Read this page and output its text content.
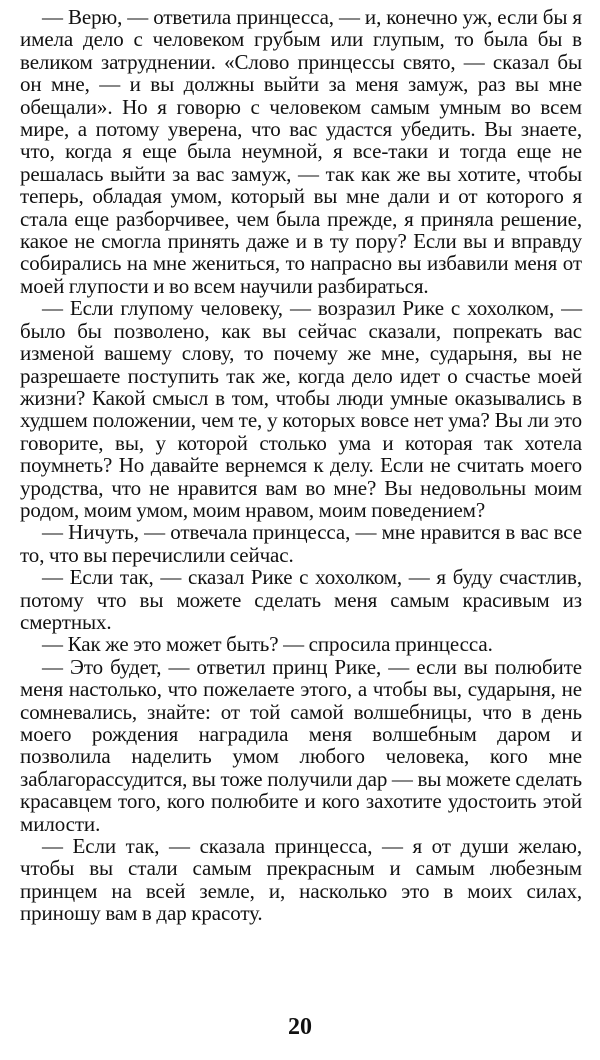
— Верю, — ответила принцесса, — и, конечно уж, если бы я имела дело с человеком грубым или глупым, то была бы в великом затруднении. «Слово принцессы свято, — сказал бы он мне, — и вы должны выйти за меня замуж, раз вы мне обещали». Но я говорю с человеком самым умным во всем мире, а потому уверена, что вас удастся убедить. Вы знаете, что, когда я еще была неумной, я все-таки и тогда еще не решалась выйти за вас замуж, — так как же вы хотите, чтобы теперь, обладая умом, который вы мне дали и от которого я стала еще разборчивее, чем была прежде, я приняла решение, какое не смогла принять даже и в ту пору? Если вы и вправду собирались на мне жениться, то напрасно вы избавили меня от моей глупости и во всем научили разбираться.

— Если глупому человеку, — возразил Рике с хохолком, — было бы позволено, как вы сейчас сказали, попрекать вас изменой вашему слову, то почему же мне, сударыня, вы не разрешаете поступить так же, когда дело идет о счастье моей жизни? Какой смысл в том, чтобы люди умные оказывались в худшем положении, чем те, у которых вовсе нет ума? Вы ли это говорите, вы, у которой столько ума и которая так хотела поумнеть? Но давайте вернемся к делу. Если не считать моего уродства, что не нравится вам во мне? Вы недовольны моим родом, моим умом, моим нравом, моим поведением?

— Ничуть, — отвечала принцесса, — мне нравится в вас все то, что вы перечислили сейчас.

— Если так, — сказал Рике с хохолком, — я буду счастлив, потому что вы можете сделать меня самым красивым из смертных.

— Как же это может быть? — спросила принцесса.

— Это будет, — ответил принц Рике, — если вы полюбите меня настолько, что пожелаете этого, а чтобы вы, сударыня, не сомневались, знайте: от той самой волшебницы, что в день моего рождения наградила меня волшебным даром и позволила наделить умом любого человека, кого мне заблагорассудится, вы тоже получили дар — вы можете сделать красавцем того, кого полюбите и кого захотите удостоить этой милости.

— Если так, — сказала принцесса, — я от души желаю, чтобы вы стали самым прекрасным и самым любезным принцем на всей земле, и, насколько это в моих силах, приношу вам в дар красоту.

20
